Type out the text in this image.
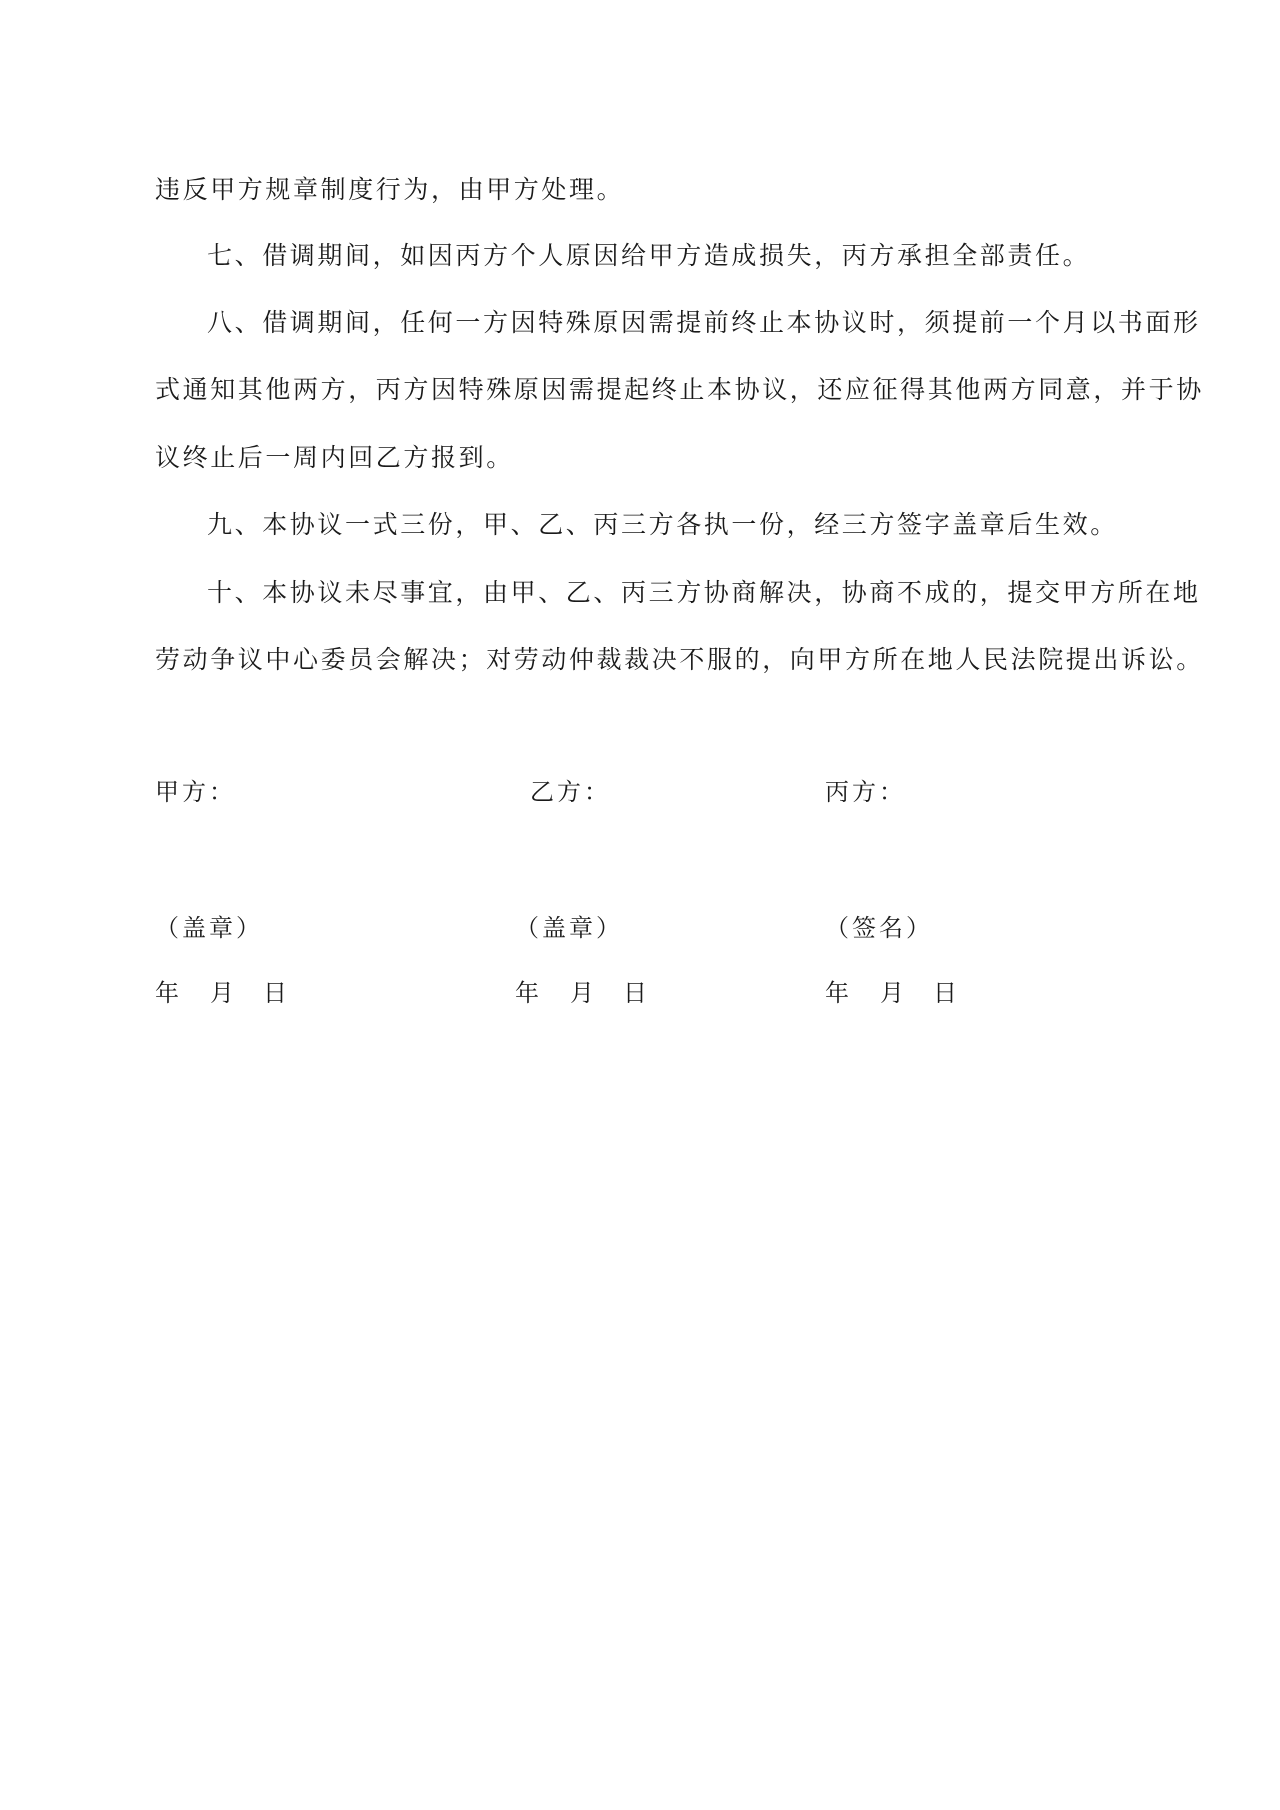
违反甲方规章制度行为，由甲方处理。
七、借调期间，如因丙方个人原因给甲方造成损失，丙方承担全部责任。
八、借调期间，任何一方因特殊原因需提前终止本协议时，须提前一个月以书面形
式通知其他两方，丙方因特殊原因需提起终止本协议，还应征得其他两方同意，并于协
议终止后一周内回乙方报到。
九、本协议一式三份，甲、乙、丙三方各执一份，经三方签字盖章后生效。
十、本协议未尽事宜，由甲、乙、丙三方协商解决，协商不成的，提交甲方所在地
劳动争议中心委员会解决；对劳动仲裁裁决不服的，向甲方所在地人民法院提出诉讼。
甲方：
（盖章）
年 月 日
乙方：
（盖章）
年 月 日
丙方：
（签名）
年 月 日
